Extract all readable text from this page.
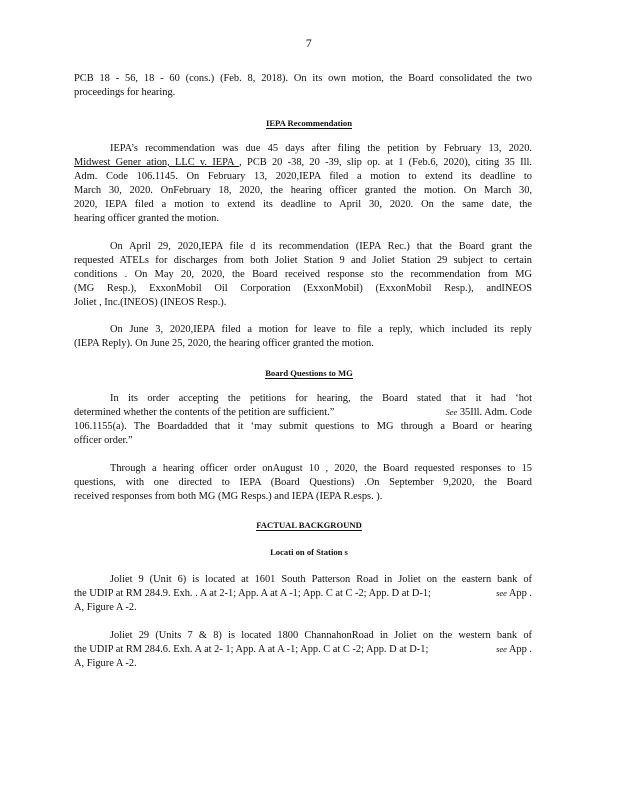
7
PCB 18 - 56, 18 - 60 (cons.) (Feb. 8, 2018). On its own motion, the Board consolidated the two
proceedings for hearing.
IEPA Recommendation
IEPA’s recommendation was due 45 days after filing the petition by February 13, 2020.
Midwest Gener ation, LLC v. IEPA , PCB 20 -38, 20 -39, slip op. at 1 (Feb.6, 2020), citing 35 Ill.
Adm. Code 106.1145. On February 13, 2020,IEPA filed a motion to extend its deadline to
March 30, 2020. OnFebruary 18, 2020, the hearing officer granted the motion. On March 30,
2020, IEPA filed a motion to extend its deadline to April 30, 2020. On the same date, the
hearing officer granted the motion.
On April 29, 2020,IEPA file d its recommendation (IEPA Rec.) that the Board grant the
requested ATELs for discharges from both Joliet Station 9 and Joliet Station 29 subject to certain
conditions . On May 20, 2020, the Board received response sto the recommendation from MG
(MG Resp.), ExxonMobil Oil Corporation (ExxonMobil) (ExxonMobil Resp.), andINEOS
Joliet , Inc.(INEOS) (INEOS Resp.).
On June 3, 2020,IEPA filed a motion for leave to file a reply, which included its reply
(IEPA Reply). On June 25, 2020, the hearing officer granted the motion.
Board Questions to MG
In its order accepting the petitions for hearing, the Board stated that it had ‘hot
determined whether the contents of the petition are sufficient.”	See 35Ill. Adm. Code
106.1155(a). The Boardadded that it ‘may submit questions to MG through a Board or hearing
officer order.”
Through a hearing officer order onAugust 10 , 2020, the Board requested responses to 15
questions, with one directed to IEPA (Board Questions) .On September 9,2020, the Board
received responses from both MG (MG Resps.) and IEPA (IEPA R.esps. ).
FACTUAL BACKGROUND
Locati on of Station s
Joliet 9 (Unit 6) is located at 1601 South Patterson Road in Joliet on the eastern bank of
the UDIP at RM 284.9. Exh. . A at 2-1; App. A at A -1; App. C at C -2; App. D at D-1;	see App .
A, Figure A -2.
Joliet 29 (Units 7 & 8) is located 1800 ChannahonRoad in Joliet on the western bank of
the UDIP at RM 284.6. Exh. A at 2- 1; App. A at A -1; App. C at C -2; App. D at D-1;	see App .
A, Figure A -2.
